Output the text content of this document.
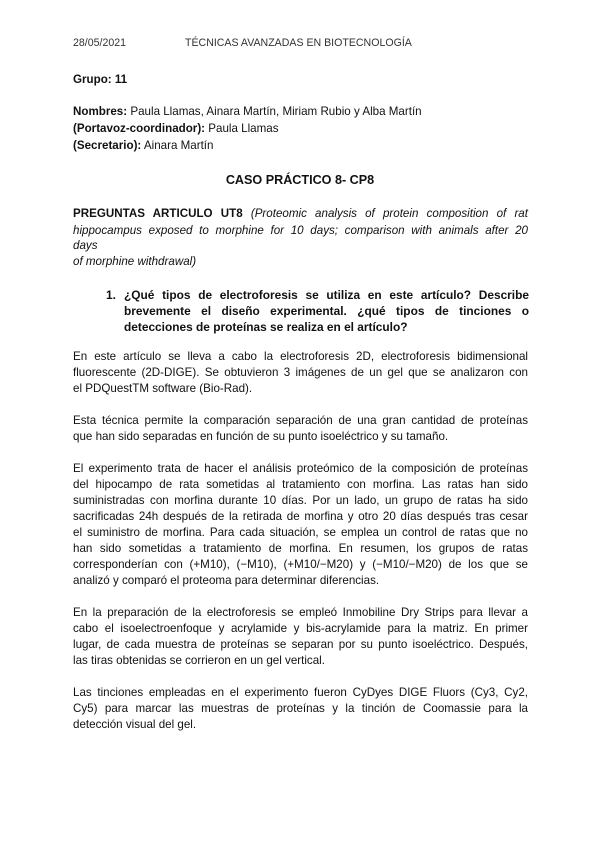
28/05/2021	TÉCNICAS AVANZADAS EN BIOTECNOLOGÍA
Grupo: 11
Nombres: Paula Llamas, Ainara Martín, Miriam Rubio y Alba Martín
(Portavoz-coordinador): Paula Llamas
(Secretario): Ainara Martín
CASO PRÁCTICO 8- CP8
PREGUNTAS ARTICULO UT8 (Proteomic analysis of protein composition of rat
hippocampus exposed to morphine for 10 days; comparison with animals after 20
days
of morphine withdrawal)
1. ¿Qué tipos de electroforesis se utiliza en este artículo? Describe
brevemente el diseño experimental. ¿qué tipos de tinciones o
detecciones de proteínas se realiza en el artículo?
En este artículo se lleva a cabo la electroforesis 2D, electroforesis bidimensional
fluorescente (2D-DIGE). Se obtuvieron 3 imágenes de un gel que se analizaron con
el PDQuestTM software (Bio-Rad).
Esta técnica permite la comparación separación de una gran cantidad de proteínas
que han sido separadas en función de su punto isoeléctrico y su tamaño.
El experimento trata de hacer el análisis proteómico de la composición de proteínas
del hipocampo de rata sometidas al tratamiento con morfina. Las ratas han sido
suministradas con morfina durante 10 días. Por un lado, un grupo de ratas ha sido
sacrificadas 24h después de la retirada de morfina y otro 20 días después tras cesar
el suministro de morfina. Para cada situación, se emplea un control de ratas que no
han sido sometidas a tratamiento de morfina. En resumen, los grupos de ratas
corresponderían con (+M10), (−M10), (+M10/−M20) y (−M10/−M20) de los que se
analizó y comparó el proteoma para determinar diferencias.
En la preparación de la electroforesis se empleó Inmobiline Dry Strips para llevar a
cabo el isoelectroenfoque y acrylamide y bis-acrylamide para la matriz. En primer
lugar, de cada muestra de proteínas se separan por su punto isoeléctrico. Después,
las tiras obtenidas se corrieron en un gel vertical.
Las tinciones empleadas en el experimento fueron CyDyes DIGE Fluors (Cy3, Cy2,
Cy5) para marcar las muestras de proteínas y la tinción de Coomassie para la
detección visual del gel.
